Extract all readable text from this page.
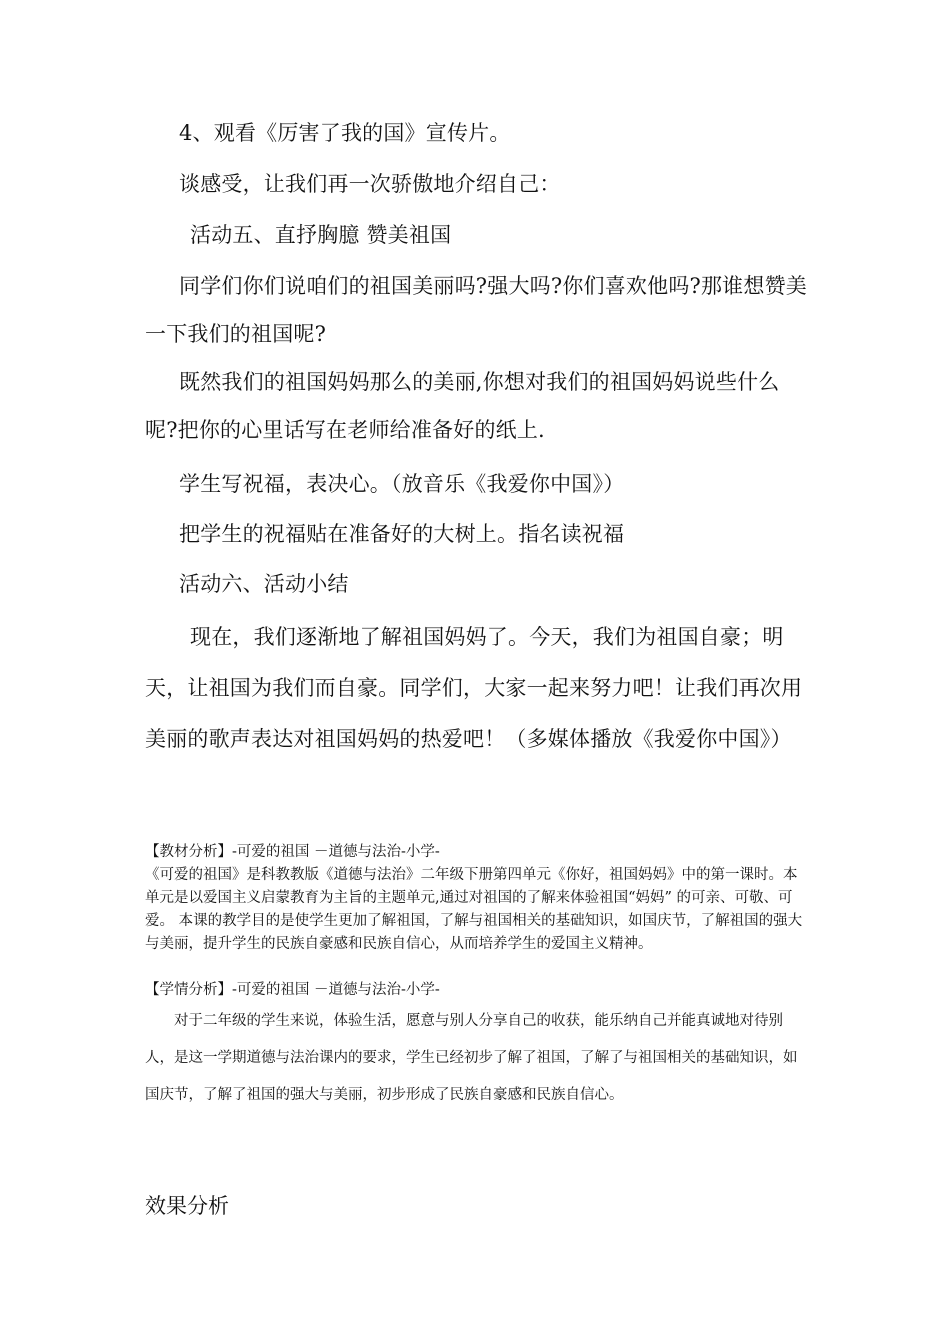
4、观看《厉害了我的国》宣传片。

谈感受，让我们再一次骄傲地介绍自己：

活动五、直抒胸臆 赞美祖国

同学们你们说咱们的祖国美丽吗?强大吗?你们喜欢他吗?那谁想赞美一下我们的祖国呢?

既然我们的祖国妈妈那么的美丽,你想对我们的祖国妈妈说些什么呢?把你的心里话写在老师给准备好的纸上.

学生写祝福，表决心。（放音乐《我爱你中国》）

把学生的祝福贴在准备好的大树上。指名读祝福

活动六、活动小结

现在，我们逐渐地了解祖国妈妈了。今天，我们为祖国自豪；明天，让祖国为我们而自豪。同学们，大家一起来努力吧！让我们再次用美丽的歌声表达对祖国妈妈的热爱吧！（多媒体播放《我爱你中国》）

【教材分析】-可爱的祖国 －道德与法治-小学-

《可爱的祖国》是科教教版《道德与法治》二年级下册第四单元《你好，祖国妈妈》中的第一课时。本单元是以爱国主义启蒙教育为主旨的主题单元,通过对祖国的了解来体验祖国“妈妈” 的可亲、可敬、可爱。 本课的教学目的是使学生更加了解祖国，了解与祖国相关的基础知识，如国庆节，了解祖国的强大与美丽，提升学生的民族自豪感和民族自信心，从而培养学生的爱国主义精神。

【学情分析】-可爱的祖国 －道德与法治-小学-

对于二年级的学生来说，体验生活，愿意与别人分享自己的收获，能乐纳自己并能真诚地对待别人，是这一学期道德与法治课内的要求，学生已经初步了解了祖国，了解了与祖国相关的基础知识，如国庆节，了解了祖国的强大与美丽，初步形成了民族自豪感和民族自信心。

效果分析
